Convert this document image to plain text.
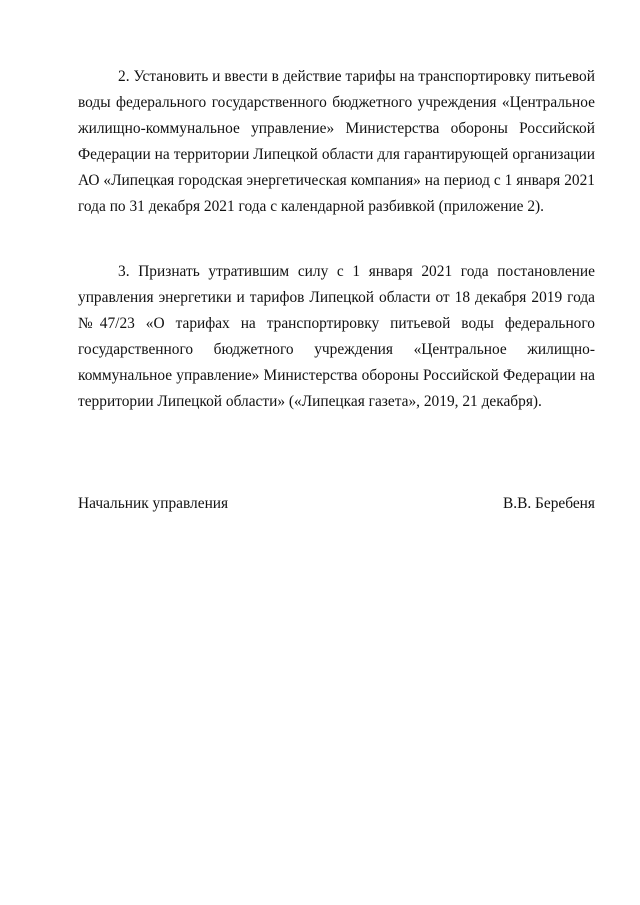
2. Установить и ввести в действие тарифы на транспортировку питьевой воды федерального государственного бюджетного учреждения «Центральное жилищно-коммунальное управление» Министерства обороны Российской Федерации на территории Липецкой области для гарантирующей организации АО «Липецкая городская энергетическая компания» на период с 1 января 2021 года по 31 декабря 2021 года с календарной разбивкой (приложение 2).

3. Признать утратившим силу с 1 января 2021 года постановление управления энергетики и тарифов Липецкой области от 18 декабря 2019 года №47/23 «О тарифах на транспортировку питьевой воды федерального государственного бюджетного учреждения «Центральное жилищно-коммунальное управление» Министерства обороны Российской Федерации на территории Липецкой области» («Липецкая газета», 2019, 21 декабря).

Начальник управления	В.В. Беребеня
